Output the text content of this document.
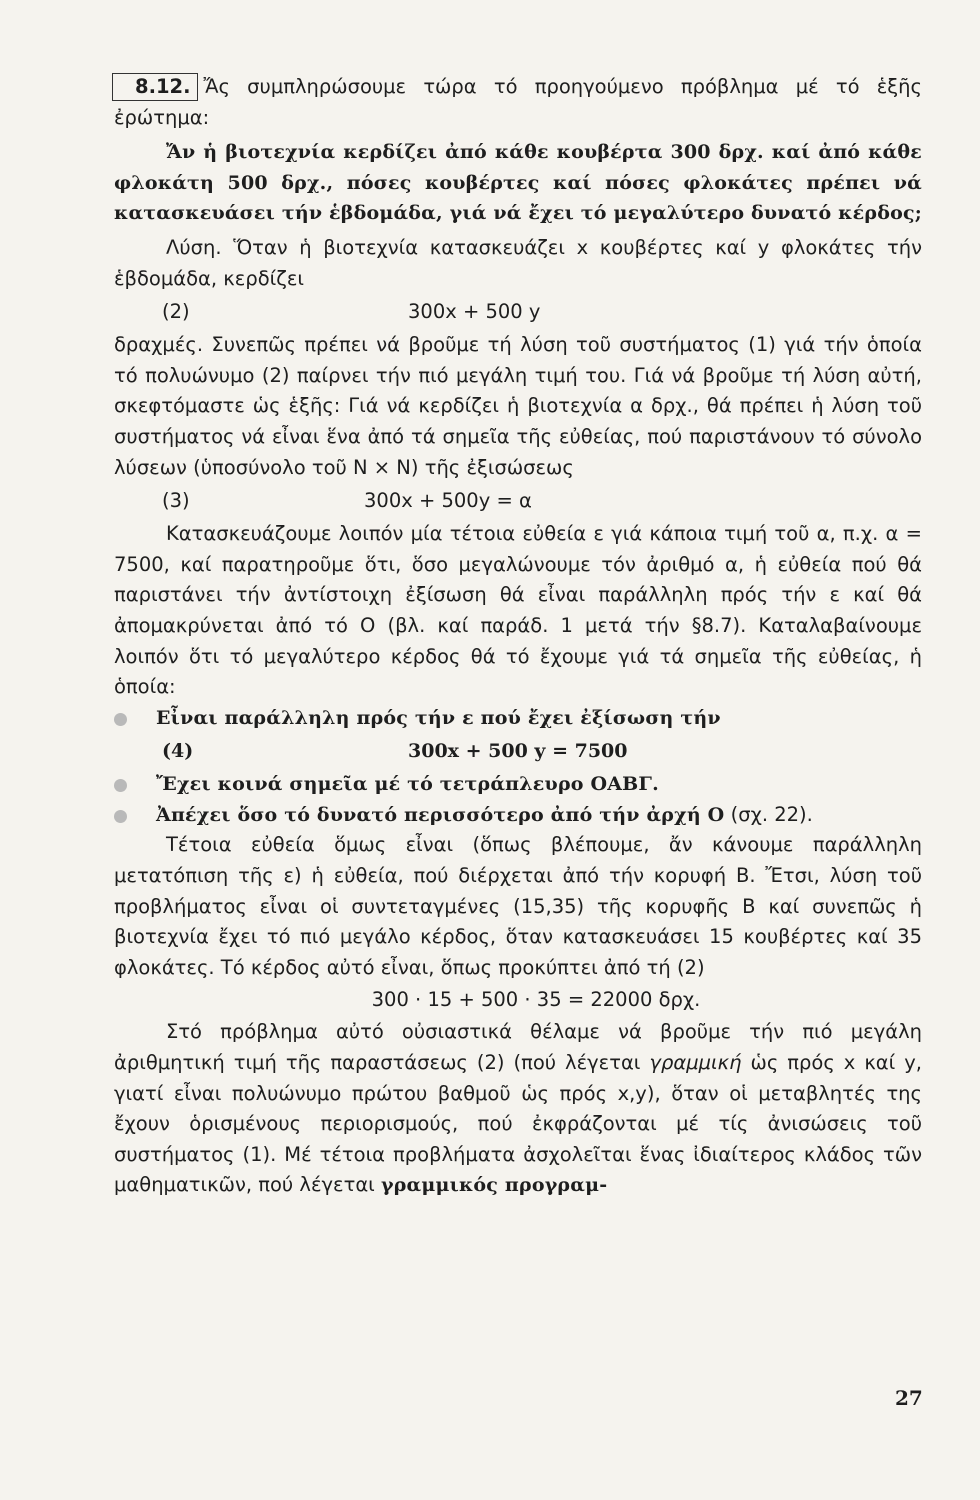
8.12. Ἄς συμπληρώσουμε τώρα τό προηγούμενο πρόβλημα μέ τό ἑξῆς ἐρώτημα:

Ἄν ἡ βιοτεχνία κερδίζει ἀπό κάθε κουβέρτα 300 δρχ. καί ἀπό κάθε φλοκάτη 500 δρχ., πόσες κουβέρτες καί πόσες φλοκάτες πρέπει νά κατασκευάσει τήν ἑβδομάδα, γιά νά ἔχει τό μεγαλύτερο δυνατό κέρδος;

Λύση. Ὅταν ἡ βιοτεχνία κατασκευάζει x κουβέρτες καί y φλοκάτες τήν ἑβδομάδα, κερδίζει

(2)	300x + 500 y

δραχμές. Συνεπῶς πρέπει νά βροῦμε τή λύση τοῦ συστήματος (1) γιά τήν ὁποία τό πολυώνυμο (2) παίρνει τήν πιό μεγάλη τιμή του. Γιά νά βροῦμε τή λύση αὐτή, σκεφτόμαστε ὡς ἑξῆς: Γιά νά κερδίζει ἡ βιοτεχνία α δρχ., θά πρέπει ἡ λύση τοῦ συστήματος νά εἶναι ἕνα ἀπό τά σημεῖα τῆς εὐθείας, πού παριστάνουν τό σύνολο λύσεων (ὑποσύνολο τοῦ N × N) τῆς ἐξισώσεως

(3)	300x + 500y = α

Κατασκευάζουμε λοιπόν μία τέτοια εὐθεία ε γιά κάποια τιμή τοῦ α, π.χ. α = 7500, καί παρατηροῦμε ὅτι, ὅσο μεγαλώνουμε τόν ἀριθμό α, ἡ εὐθεία πού θά παριστάνει τήν ἀντίστοιχη ἐξίσωση θά εἶναι παράλληλη πρός τήν ε καί θά ἀπομακρύνεται ἀπό τό O (βλ. καί παράδ. 1 μετά τήν §8.7). Καταλαβαίνουμε λοιπόν ὅτι τό μεγαλύτερο κέρδος θά τό ἔχουμε γιά τά σημεῖα τῆς εὐθείας, ἡ ὁποία:

Εἶναι παράλληλη πρός τήν ε πού ἔχει ἐξίσωση τήν
(4)	300x + 500 y = 7500
Ἔχει κοινά σημεῖα μέ τό τετράπλευρο ΟΑΒΓ.
Ἀπέχει ὅσο τό δυνατό περισσότερο ἀπό τήν ἀρχή Ο (σχ. 22).

Τέτοια εὐθεία ὅμως εἶναι (ὅπως βλέπουμε, ἄν κάνουμε παράλληλη μετατόπιση τῆς ε) ἡ εὐθεία, πού διέρχεται ἀπό τήν κορυφή Β. Ἔτσι, λύση τοῦ προβλήματος εἶναι οἱ συντεταγμένες (15,35) τῆς κορυφῆς Β καί συνεπῶς ἡ βιοτεχνία ἔχει τό πιό μεγάλο κέρδος, ὅταν κατασκευάσει 15 κουβέρτες καί 35 φλοκάτες. Τό κέρδος αὐτό εἶναι, ὅπως προκύπτει ἀπό τή (2)

300 · 15 + 500 · 35 = 22000 δρχ.

Στό πρόβλημα αὐτό οὐσιαστικά θέλαμε νά βροῦμε τήν πιό μεγάλη ἀριθμητική τιμή τῆς παραστάσεως (2) (πού λέγεται γραμμική ὡς πρός x καί y, γιατί εἶναι πολυώνυμο πρώτου βαθμοῦ ὡς πρός x,y), ὅταν οἱ μεταβλητές της ἔχουν ὁρισμένους περιορισμούς, πού ἐκφράζονται μέ τίς ἀνισώσεις τοῦ συστήματος (1). Μέ τέτοια προβλήματα ἀσχολεῖται ἕνας ἰδιαίτερος κλάδος τῶν μαθηματικῶν, πού λέγεται γραμμικός προγραμ-

27
